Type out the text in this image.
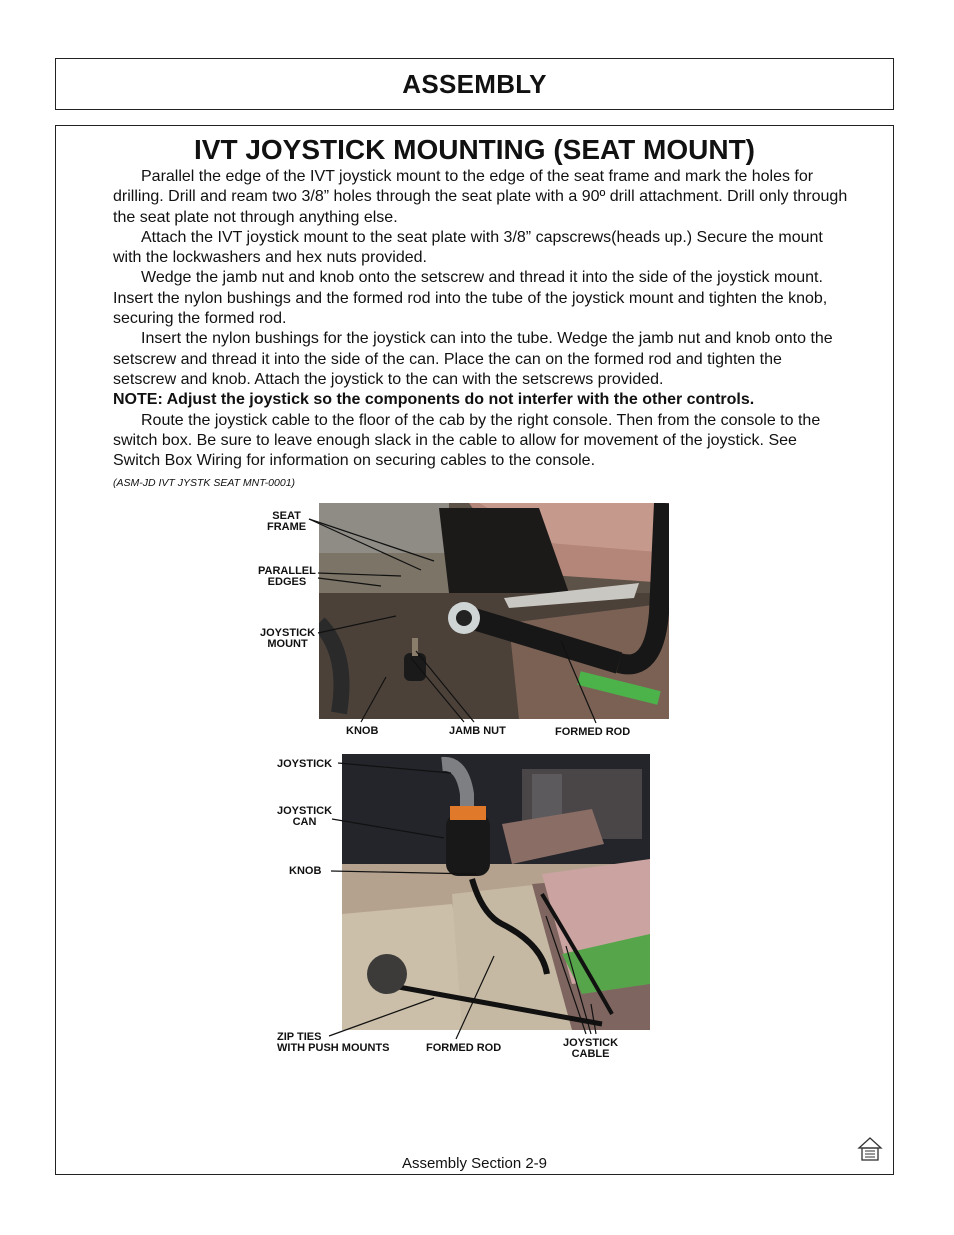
ASSEMBLY
IVT JOYSTICK MOUNTING (SEAT MOUNT)

Parallel the edge of the IVT joystick mount to the edge of the seat frame and mark the holes for drilling. Drill and ream two 3/8” holes through the seat plate with a 90º drill attachment. Drill only through the seat plate not through anything else.

Attach the IVT joystick mount to the seat plate with 3/8” capscrews(heads up.) Secure the mount with the lockwashers and hex nuts provided.

Wedge the jamb nut and knob onto the setscrew and thread it into the side of the joystick mount. Insert the nylon bushings and the formed rod into the tube of the joystick mount and tighten the knob, securing the formed rod.

Insert the nylon bushings for the joystick can into the tube. Wedge the jamb nut and knob onto the setscrew and thread it into the side of the can. Place the can on the formed rod and tighten the setscrew and knob. Attach the joystick to the can with the setscrews provided.

NOTE: Adjust the joystick so the components do not interfer with the other controls.

Route the joystick cable to the floor of the cab by the right console. Then from the console to the switch box. Be sure to leave enough slack in the cable to allow for movement of the joystick. See Switch Box Wiring for information on securing cables to the console.

(ASM-JD IVT JYSTK SEAT MNT-0001)
SEAT
FRAME
PARALLEL
EDGES
JOYSTICK
MOUNT
KNOB	JAMB NUT	FORMED ROD
JOYSTICK
JOYSTICK
CAN
KNOB
ZIP TIES
WITH PUSH MOUNTS	FORMED ROD	JOYSTICK
CABLE
Assembly Section 2-9
